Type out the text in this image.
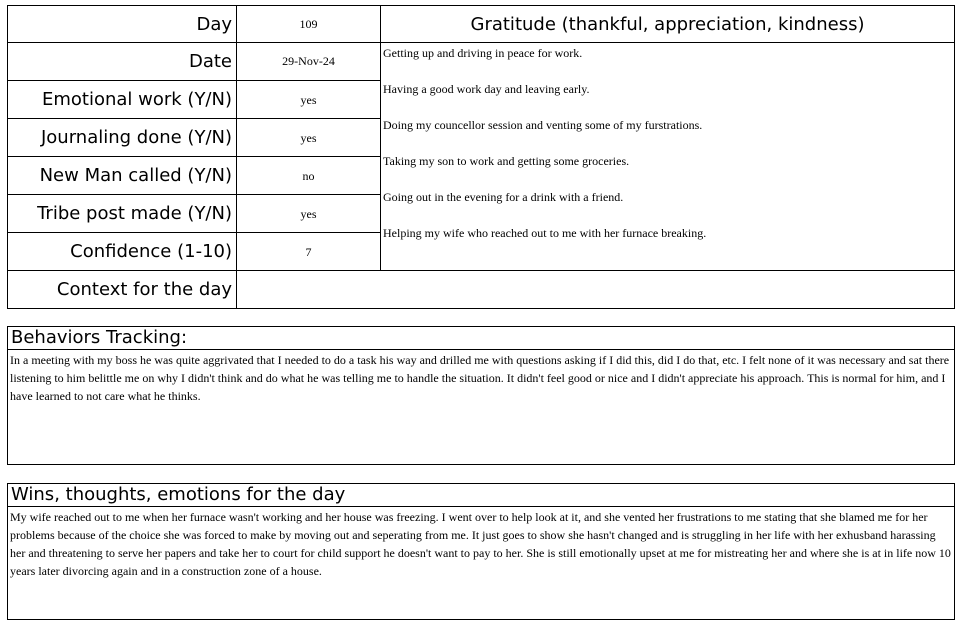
Day	109
Date	29-Nov-24
Emotional work (Y/N)	yes
Journaling done (Y/N)	yes
New Man called (Y/N)	no
Tribe post made (Y/N)	yes
Confidence (1-10)	7
Context for the day
Gratitude (thankful, appreciation, kindness)
Getting up and driving in peace for work.
Having a good work day and leaving early.
Doing my councellor session and venting some of my furstrations.
Taking my son to work and getting some groceries.
Going out in the evening for a drink with a friend.
Helping my wife who reached out to me with her furnace breaking.
Behaviors Tracking:
In a meeting with my boss he was quite aggrivated that I needed to do a task his way and drilled me with questions asking if I did this, did I do that, etc. I felt none of it was necessary and sat there listening to him belittle me on why I didn't think and do what he was telling me to handle the situation. It didn't feel good or nice and I didn't appreciate his approach. This is normal for him, and I have learned to not care what he thinks.
Wins, thoughts, emotions for the day
My wife reached out to me when her furnace wasn't working and her house was freezing. I went over to help look at it, and she vented her frustrations to me stating that she blamed me for her problems because of the choice she was forced to make by moving out and seperating from me. It just goes to show she hasn't changed and is struggling in her life with her exhusband harassing her and threatening to serve her papers and take her to court for child support he doesn't want to pay to her. She is still emotionally upset at me for mistreating her and where she is at in life now 10 years later divorcing again and in a construction zone of a house.
